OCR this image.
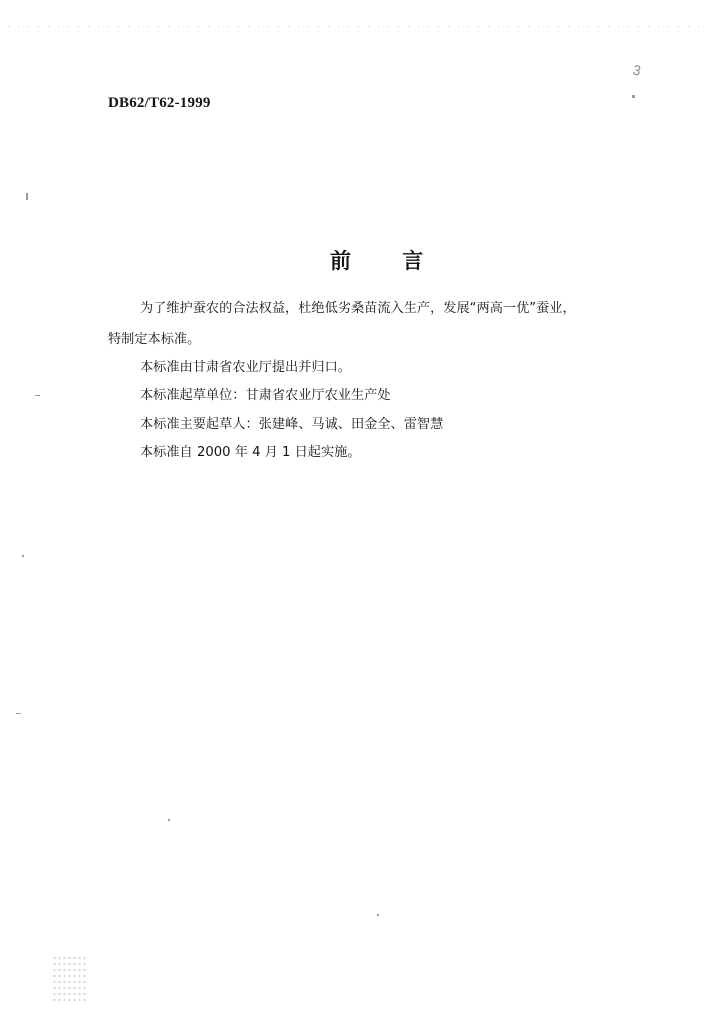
DB62/T62-1999
3
前 言
为了维护蚕农的合法权益，杜绝低劣桑苗流入生产，发展“两高一优”蚕业，
特制定本标准。
本标准由甘肃省农业厅提出并归口。
本标准起草单位：甘肃省农业厅农业生产处
本标准主要起草人：张建峰、马诚、田金全、雷智慧
本标准自 2000 年 4 月 1 日起实施。
